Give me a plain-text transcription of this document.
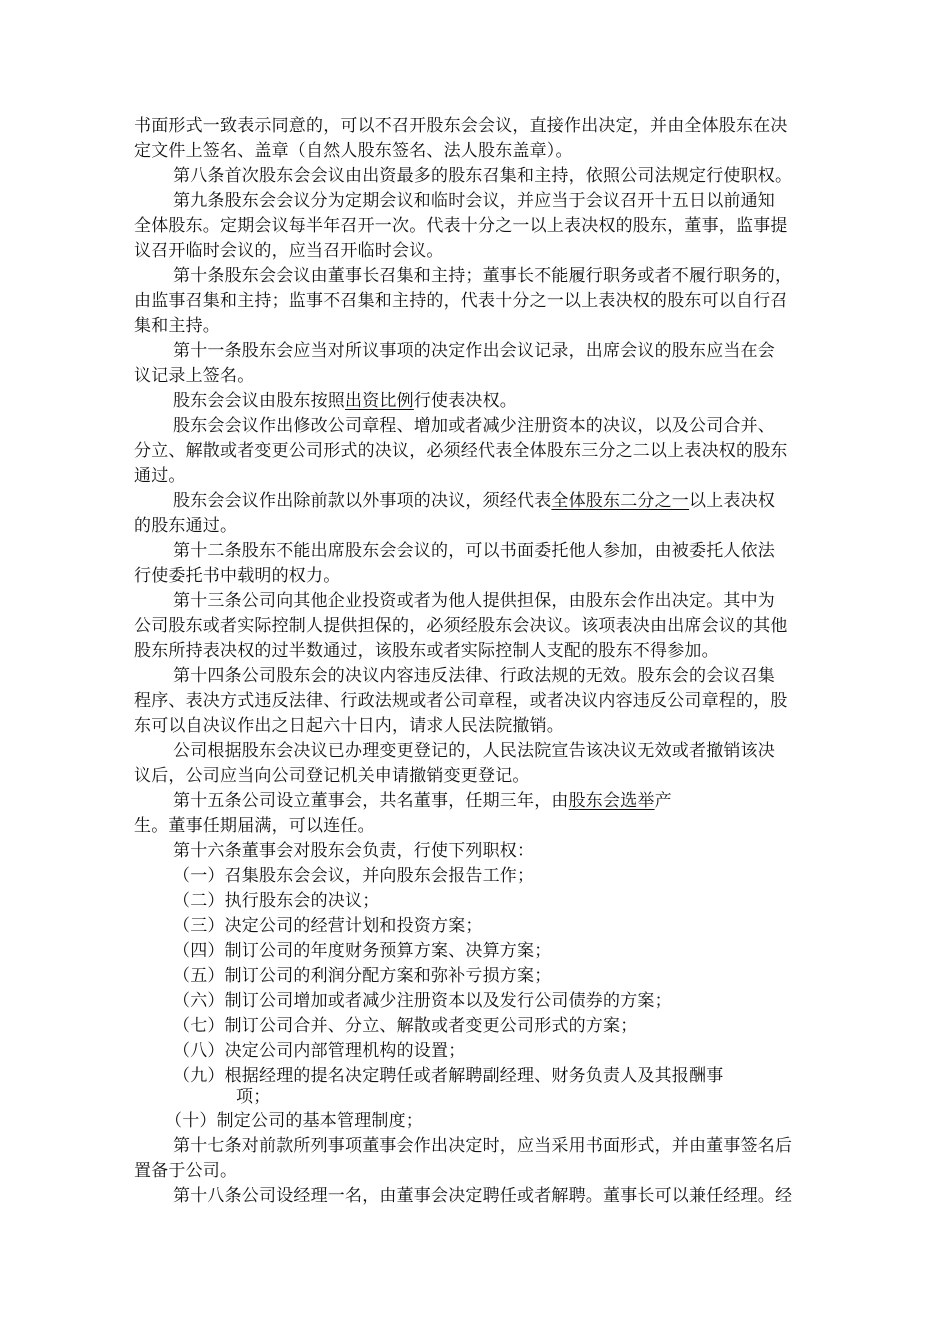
书面形式一致表示同意的，可以不召开股东会会议，直接作出决定，并由全体股东在决
定文件上签名、盖章（自然人股东签名、法人股东盖章）。
第八条首次股东会会议由出资最多的股东召集和主持，依照公司法规定行使职权。
第九条股东会会议分为定期会议和临时会议，并应当于会议召开十五日以前通知
全体股东。定期会议每半年召开一次。代表十分之一以上表决权的股东，董事，监事提
议召开临时会议的，应当召开临时会议。
第十条股东会会议由董事长召集和主持；董事长不能履行职务或者不履行职务的，
由监事召集和主持；监事不召集和主持的，代表十分之一以上表决权的股东可以自行召
集和主持。
第十一条股东会应当对所议事项的决定作出会议记录，出席会议的股东应当在会
议记录上签名。
股东会会议由股东按照出资比例行使表决权。
股东会会议作出修改公司章程、增加或者减少注册资本的决议，以及公司合并、
分立、解散或者变更公司形式的决议，必须经代表全体股东三分之二以上表决权的股东
通过。
股东会会议作出除前款以外事项的决议，须经代表全体股东二分之一以上表决权
的股东通过。
第十二条股东不能出席股东会会议的，可以书面委托他人参加，由被委托人依法
行使委托书中载明的权力。
第十三条公司向其他企业投资或者为他人提供担保，由股东会作出决定。其中为
公司股东或者实际控制人提供担保的，必须经股东会决议。该项表决由出席会议的其他
股东所持表决权的过半数通过，该股东或者实际控制人支配的股东不得参加。
第十四条公司股东会的决议内容违反法律、行政法规的无效。股东会的会议召集
程序、表决方式违反法律、行政法规或者公司章程，或者决议内容违反公司章程的，股
东可以自决议作出之日起六十日内，请求人民法院撤销。
公司根据股东会决议已办理变更登记的，人民法院宣告该决议无效或者撤销该决
议后，公司应当向公司登记机关申请撤销变更登记。
第十五条公司设立董事会，共名董事，任期三年，由股东会选举产
生。董事任期届满，可以连任。
第十六条董事会对股东会负责，行使下列职权：
（一）召集股东会会议，并向股东会报告工作；
（二）执行股东会的决议；
（三）决定公司的经营计划和投资方案；
（四）制订公司的年度财务预算方案、决算方案；
（五）制订公司的利润分配方案和弥补亏损方案；
（六）制订公司增加或者减少注册资本以及发行公司债券的方案；
（七）制订公司合并、分立、解散或者变更公司形式的方案；
（八）决定公司内部管理机构的设置；
（九）根据经理的提名决定聘任或者解聘副经理、财务负责人及其报酬事
项；
（十）制定公司的基本管理制度；
第十七条对前款所列事项董事会作出决定时，应当采用书面形式，并由董事签名后
置备于公司。
第十八条公司设经理一名，由董事会决定聘任或者解聘。董事长可以兼任经理。经
